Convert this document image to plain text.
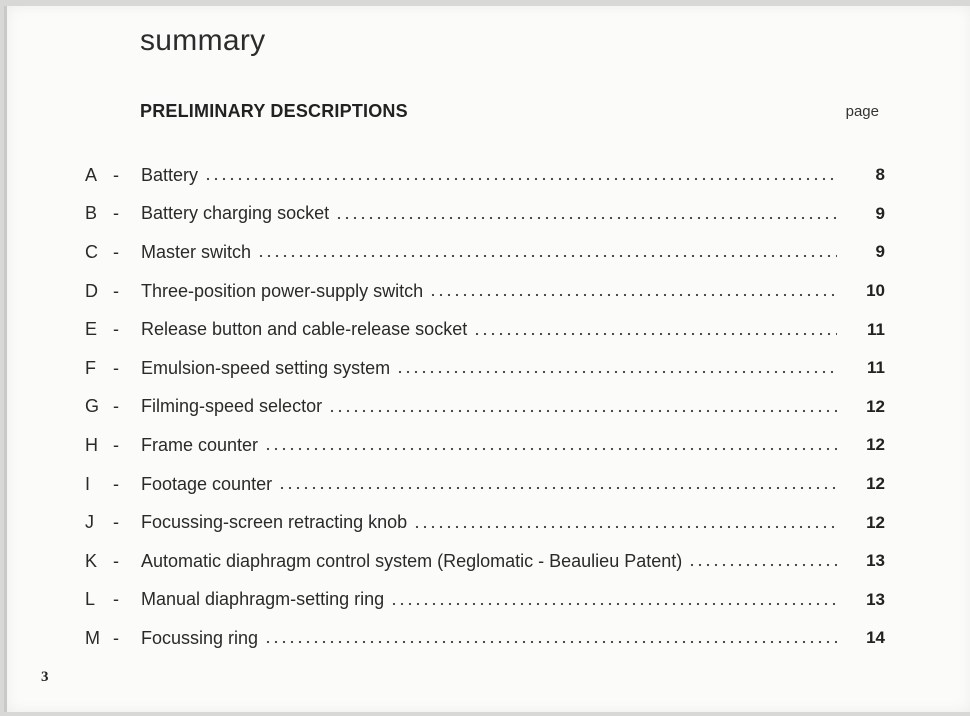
summary
PRELIMINARY DESCRIPTIONS	page
A -	Battery	8
B -	Battery charging socket	9
C -	Master switch	9
D -	Three-position power-supply switch	10
E -	Release button and cable-release socket	11
F -	Emulsion-speed setting system	11
G -	Filming-speed selector	12
H -	Frame counter	12
I	-	Footage counter	12
J	-	Focussing-screen retracting knob	12
K -	Automatic diaphragm control system (Reglomatic - Beaulieu Patent)	13
L -	Manual diaphragm-setting ring	13
M -	Focussing ring	14
3
